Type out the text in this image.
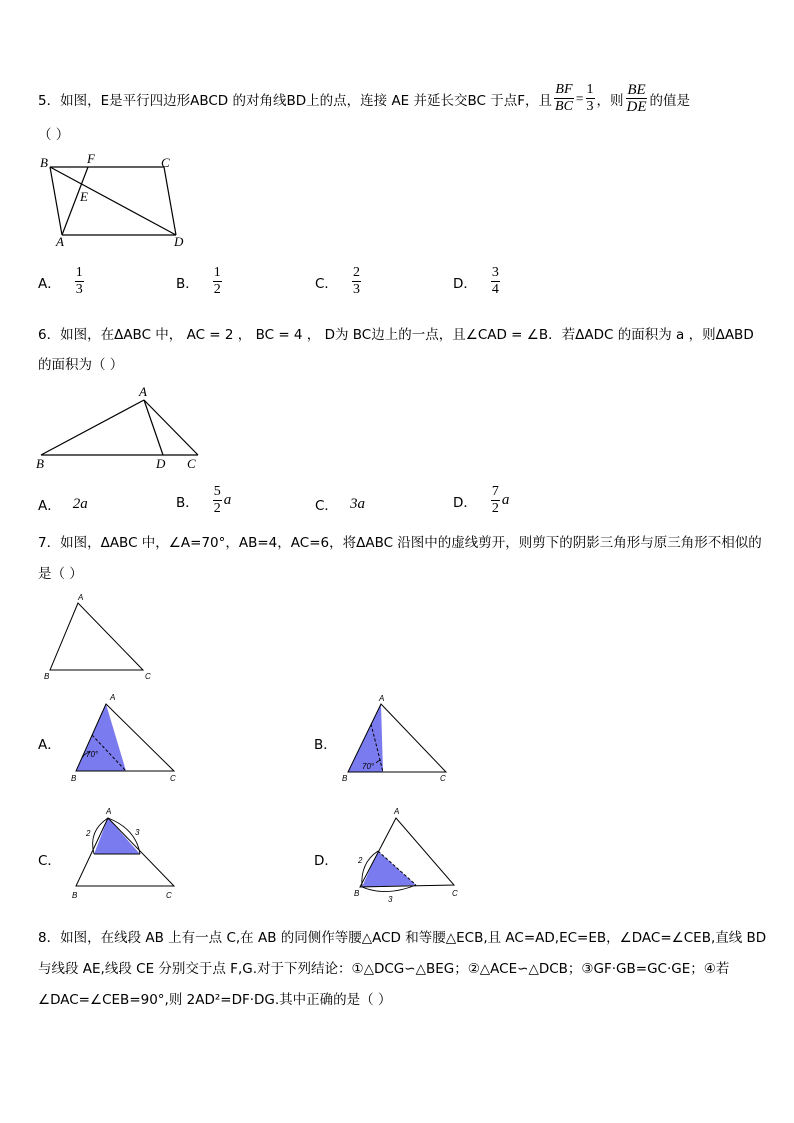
5．如图，E是平行四边形ABCD 的对角线BD上的点，连接 AE 并延长交BC 于点F，且 $\frac{BF}{BC} = \frac{1}{3}$ ，则 $\frac{BE}{DE}$ 的值是
（ ）
B	F	C
E
A	D
A． $\frac{1}{3}$	B． $\frac{1}{2}$	C． $\frac{2}{3}$	D． $\frac{3}{4}$
6．如图，在ΔABC 中， AC = 2 ， BC = 4 ， D为 BC边上的一点，且∠CAD = ∠B．若ΔADC 的面积为 a ，则ΔABD
的面积为（ ）
A
B	D C
A． 2a	B． $\frac{5}{2}$ a	C． 3a	D． $\frac{7}{2}$ a
7．如图，ΔABC 中，∠A=70°，AB=4，AC=6，将ΔABC 沿图中的虚线剪开，则剪下的阴影三角形与原三角形不相似的
是（ ）
A
B	C
A．
70°
A
B	C
B．
70°
A
B	C
C．
2	3
A
B	C
D．	2
3
A
B	C
8．如图，在线段 AB 上有一点 C,在 AB 的同侧作等腰△ACD 和等腰△ECB,且 AC=AD,EC=EB，∠DAC=∠CEB,直线 BD
与线段 AE,线段 CE 分别交于点 F,G.对于下列结论：①△DCG∽△BEG；②△ACE∽△DCB；③GF·GB=GC·GE；④若
∠DAC=∠CEB=90°,则 2AD²=DF·DG.其中正确的是（ ）
